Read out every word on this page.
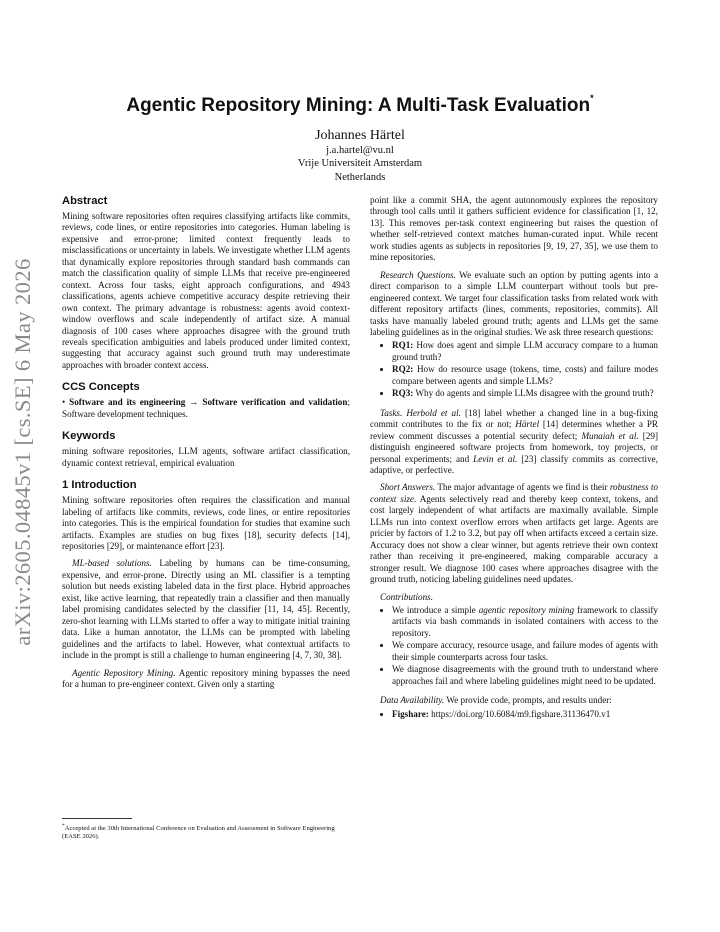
arXiv:2605.04845v1 [cs.SE] 6 May 2026
Agentic Repository Mining: A Multi-Task Evaluation*
Johannes Härtel
j.a.hartel@vu.nl
Vrije Universiteit Amsterdam
Netherlands
Abstract

Mining software repositories often requires classifying artifacts like commits, reviews, code lines, or entire repositories into categories. Human labeling is expensive and error-prone; limited context frequently leads to misclassifications or uncertainty in labels. We investigate whether LLM agents that dynamically explore repositories through standard bash commands can match the classification quality of simple LLMs that receive pre-engineered context. Across four tasks, eight approach configurations, and 4943 classifications, agents achieve competitive accuracy despite retrieving their own context. The primary advantage is robustness: agents avoid context-window overflows and scale independently of artifact size. A manual diagnosis of 100 cases where approaches disagree with the ground truth reveals specification ambiguities and labels produced under limited context, suggesting that accuracy against such ground truth may underestimate approaches with broader context access.

CCS Concepts

• Software and its engineering → Software verification and validation; Software development techniques.

Keywords

mining software repositories, LLM agents, software artifact classification, dynamic context retrieval, empirical evaluation

1 Introduction

Mining software repositories often requires the classification and manual labeling of artifacts like commits, reviews, code lines, or entire repositories into categories. This is the empirical foundation for studies that examine such artifacts. Examples are studies on bug fixes [18], security defects [14], repositories [29], or maintenance effort [23].

ML-based solutions. Labeling by humans can be time-consuming, expensive, and error-prone. Directly using an ML classifier is a tempting solution but needs existing labeled data in the first place. Hybrid approaches exist, like active learning, that repeatedly train a classifier and then manually label promising candidates selected by the classifier [11, 14, 45]. Recently, zero-shot learning with LLMs started to offer a way to mitigate initial training data. Like a human annotator, the LLMs can be prompted with labeling guidelines and the artifacts to label. However, what contextual artifacts to include in the prompt is still a challenge to human engineering [4, 7, 30, 38].

Agentic Repository Mining. Agentic repository mining bypasses the need for a human to pre-engineer context. Given only a starting

point like a commit SHA, the agent autonomously explores the repository through tool calls until it gathers sufficient evidence for classification [1, 12, 13]. This removes per-task context engineering but raises the question of whether self-retrieved context matches human-curated input. While recent work studies agents as subjects in repositories [9, 19, 27, 35], we use them to mine repositories.

Research Questions. We evaluate such an option by putting agents into a direct comparison to a simple LLM counterpart without tools but pre-engineered context. We target four classification tasks from related work with different repository artifacts (lines, comments, repositories, commits). All tasks have manually labeled ground truth; agents and LLMs get the same labeling guidelines as in the original studies. We ask three research questions:

• RQ1: How does agent and simple LLM accuracy compare to a human ground truth?
• RQ2: How do resource usage (tokens, time, costs) and failure modes compare between agents and simple LLMs?
• RQ3: Why do agents and simple LLMs disagree with the ground truth?

Tasks. Herbold et al. [18] label whether a changed line in a bug-fixing commit contributes to the fix or not; Härtel [14] determines whether a PR review comment discusses a potential security defect; Munaiah et al. [29] distinguish engineered software projects from homework, toy projects, or personal experiments; and Levin et al. [23] classify commits as corrective, adaptive, or perfective.

Short Answers. The major advantage of agents we find is their robustness to context size. Agents selectively read and thereby keep context, tokens, and cost largely independent of what artifacts are maximally available. Simple LLMs run into context overflow errors when artifacts get large. Agents are pricier by factors of 1.2 to 3.2, but pay off when artifacts exceed a certain size. Accuracy does not show a clear winner, but agents retrieve their own context rather than receiving it pre-engineered, making comparable accuracy a stronger result. We diagnose 100 cases where approaches disagree with the ground truth, noticing labeling guidelines need updates.

Contributions.

• We introduce a simple agentic repository mining framework to classify artifacts via bash commands in isolated containers with access to the repository.
• We compare accuracy, resource usage, and failure modes of agents with their simple counterparts across four tasks.
• We diagnose disagreements with the ground truth to understand where approaches fail and where labeling guidelines might need to be updated.

Data Availability. We provide code, prompts, and results under:

• Figshare: https://doi.org/10.6084/m9.figshare.31136470.v1
*Accepted at the 30th International Conference on Evaluation and Assessment in Software Engineering (EASE 2026).
